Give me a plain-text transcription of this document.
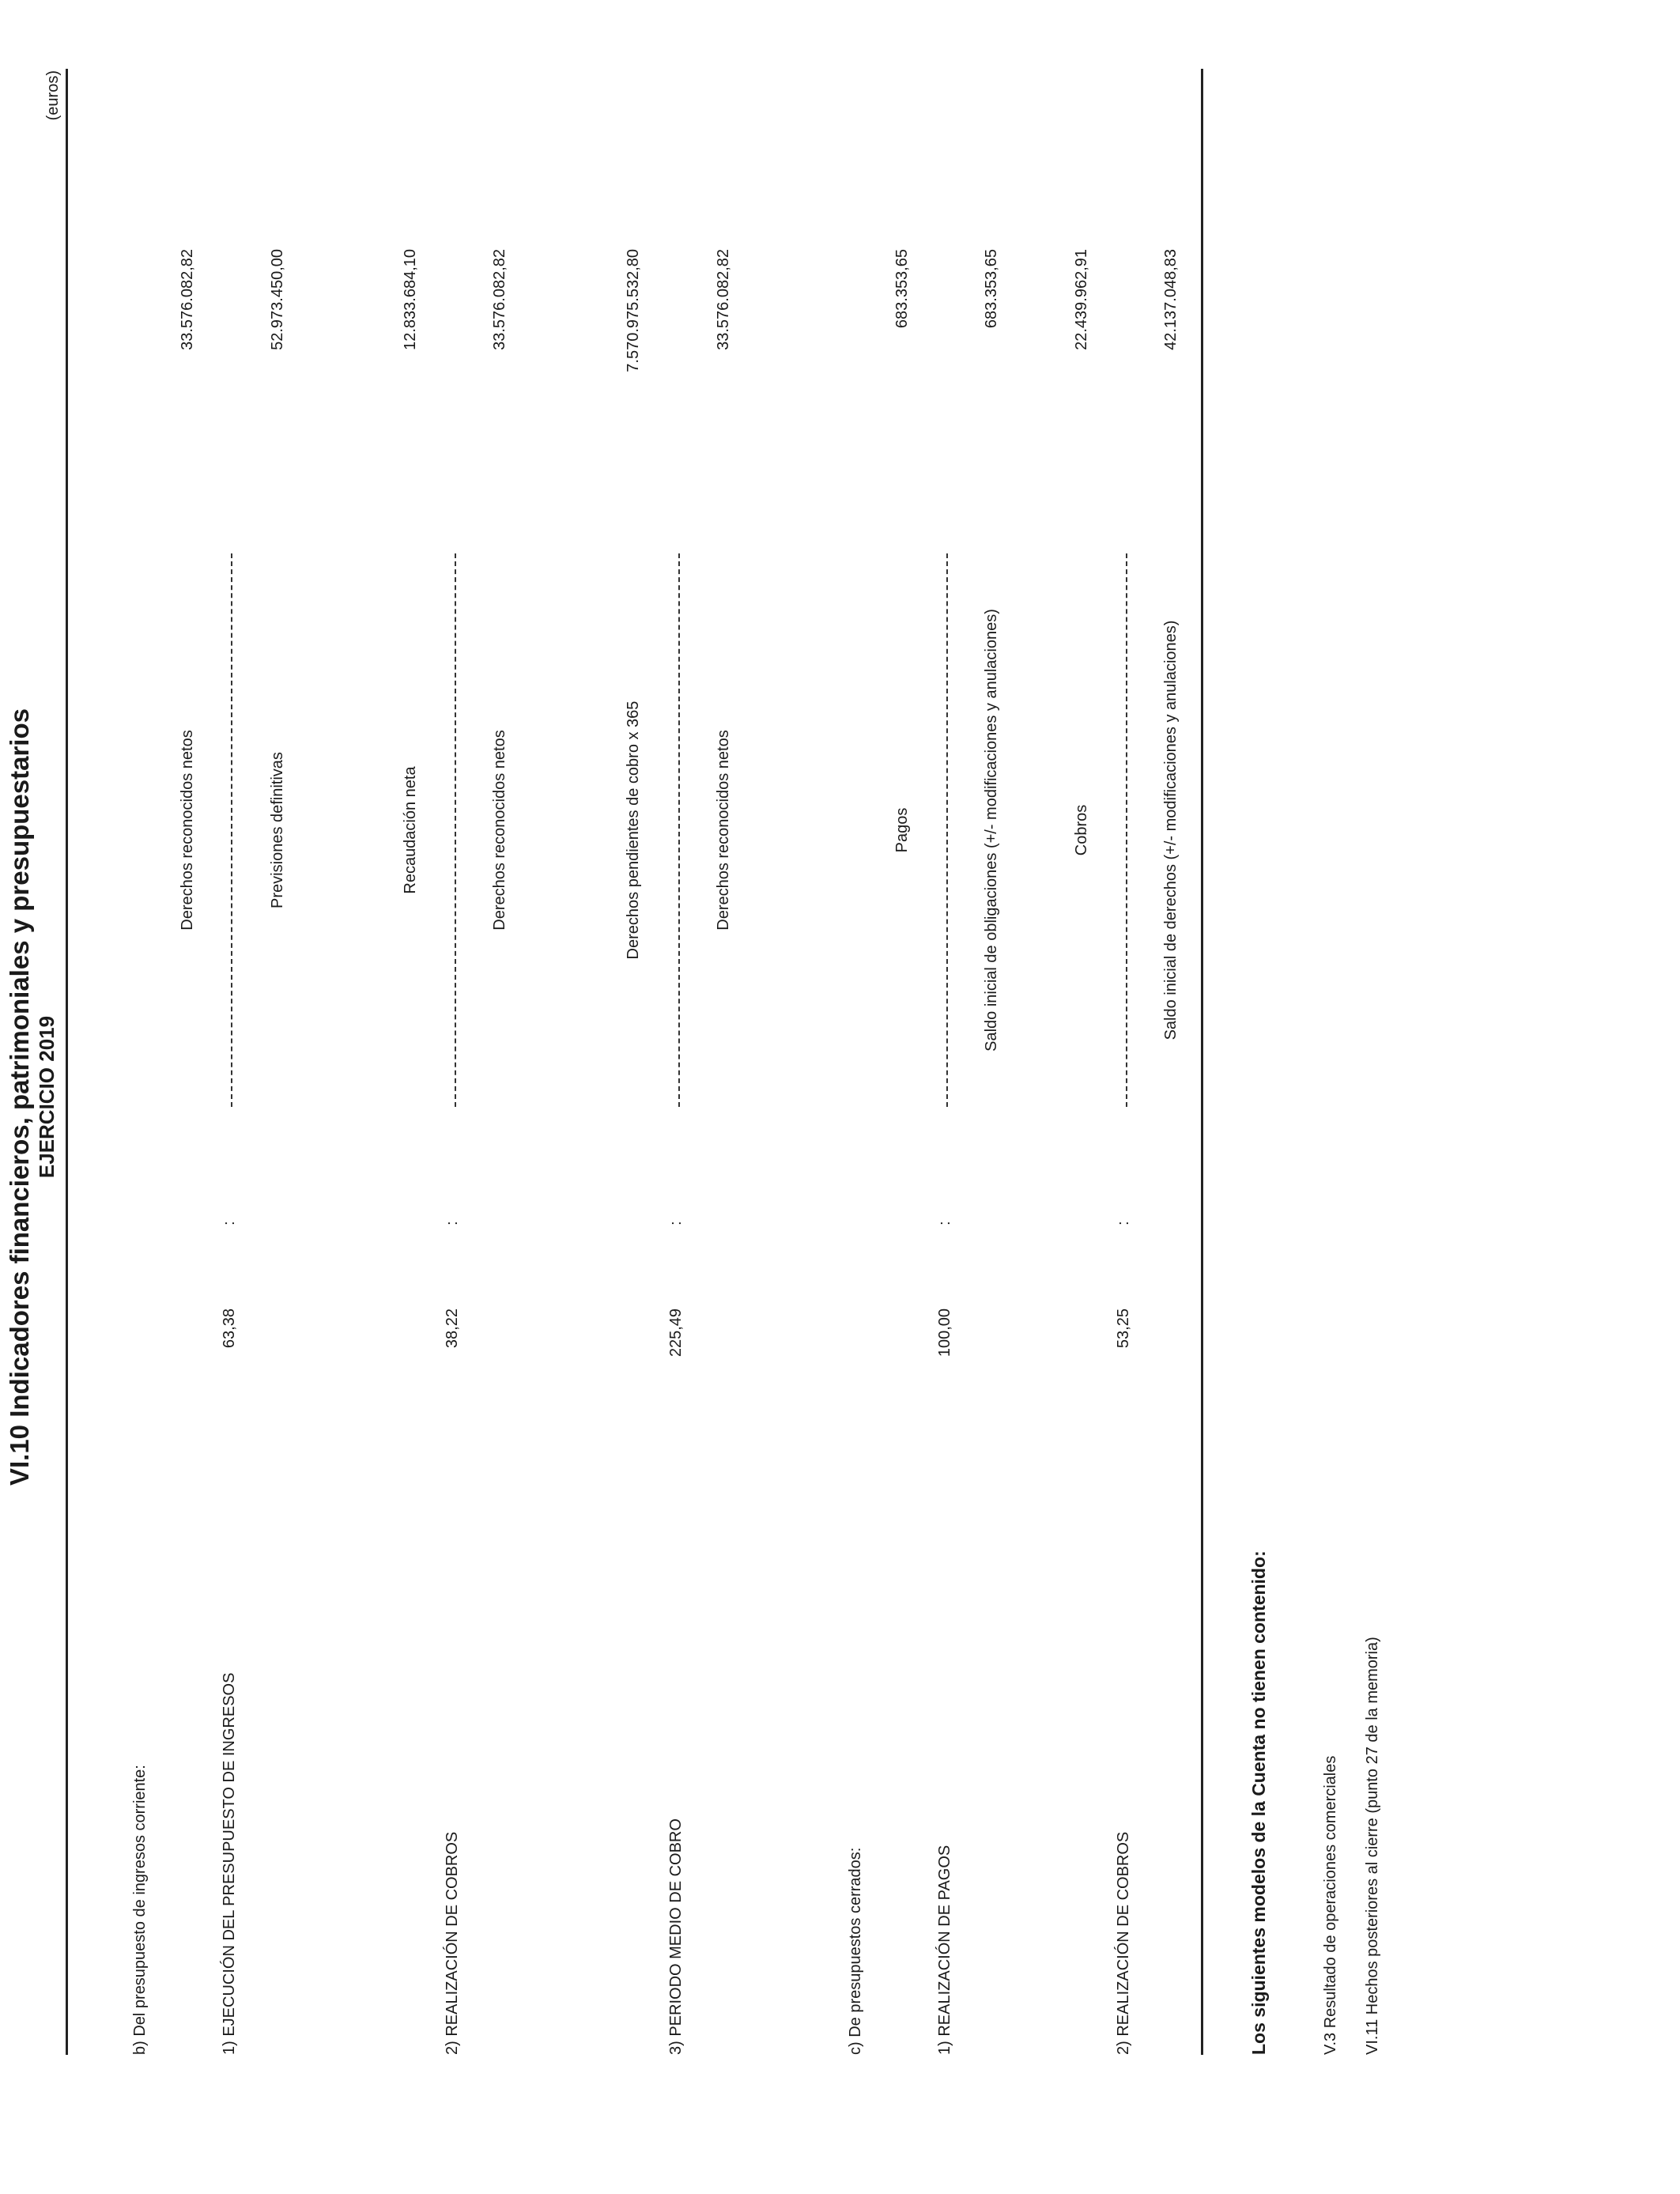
VI.10 Indicadores financieros, patrimoniales y presupuestarios EJERCICIO 2019
(euros)
b) Del presupuesto de ingresos corriente:	1) EJECUCIÓN DEL PRESUPUESTO DE INGRESOS
63,38
:
Derechos reconocidos netos	Previsiones definitivas
33.576.082,82	52.973.450,00
2) REALIZACIÓN DE COBROS
38,22
:
Recaudación neta	Derechos reconocidos netos
12.833.684,10	33.576.082,82
3) PERIODO MEDIO DE COBRO
225,49
:
Derechos pendientes de cobro x 365	Derechos reconocidos netos
7.570.975.532,80	33.576.082,82
c) De presupuestos cerrados:	1) REALIZACIÓN DE PAGOS
100,00
:
Pagos	Saldo inicial de obligaciones (+/- modificaciones y anulaciones)
683.353,65	683.353,65
2) REALIZACIÓN DE COBROS
53,25
:
Cobros	Saldo inicial de derechos (+/- modificaciones y anulaciones)
22.439.962,91	42.137.048,83
Los siguientes modelos de la Cuenta no tienen contenido:	V.3 Resultado de operaciones comerciales VI.11 Hechos posteriores al cierre (punto 27 de la memoria)
